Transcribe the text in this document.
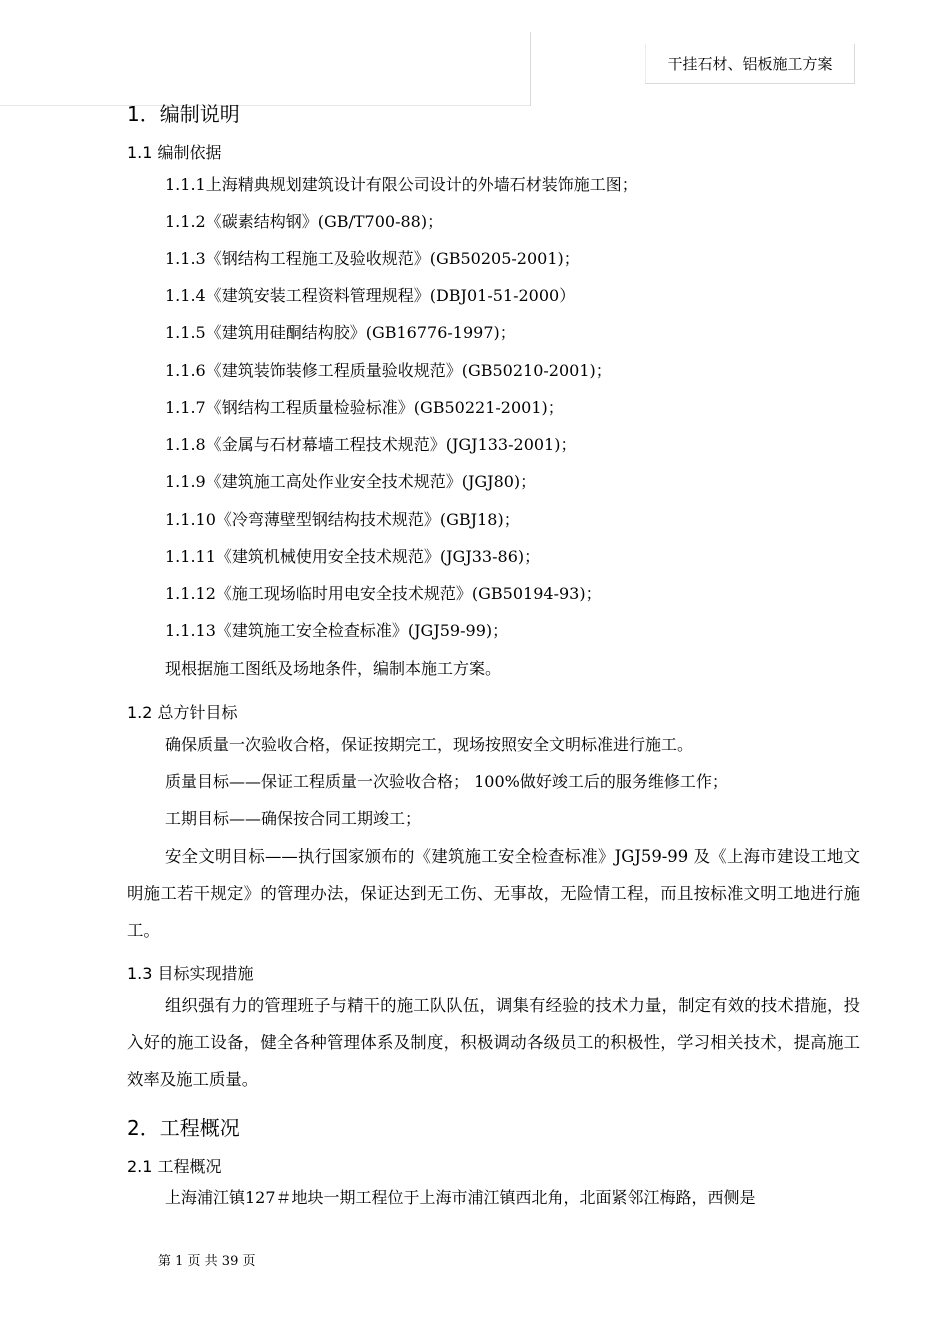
干挂石材、铝板施工方案
1．编制说明
1.1 编制依据
1.1.1上海精典规划建筑设计有限公司设计的外墙石材装饰施工图；
1.1.2《碳素结构钢》(GB/T700-88)；
1.1.3《钢结构工程施工及验收规范》(GB50205-2001)；
1.1.4《建筑安装工程资料管理规程》(DBJ01-51-2000）
1.1.5《建筑用硅酮结构胶》(GB16776-1997)；
1.1.6《建筑装饰装修工程质量验收规范》(GB50210-2001)；
1.1.7《钢结构工程质量检验标准》(GB50221-2001)；
1.1.8《金属与石材幕墙工程技术规范》(JGJ133-2001)；
1.1.9《建筑施工高处作业安全技术规范》(JGJ80)；
1.1.10《冷弯薄壁型钢结构技术规范》(GBJ18)；
1.1.11《建筑机械使用安全技术规范》(JGJ33-86)；
1.1.12《施工现场临时用电安全技术规范》(GB50194-93)；
1.1.13《建筑施工安全检查标准》(JGJ59-99)；
现根据施工图纸及场地条件，编制本施工方案。
1.2 总方针目标
确保质量一次验收合格，保证按期完工，现场按照安全文明标准进行施工。
质量目标——保证工程质量一次验收合格； 100%做好竣工后的服务维修工作；
工期目标——确保按合同工期竣工；

安全文明目标——执行国家颁布的《建筑施工安全检查标准》JGJ59-99 及《上海市建设工地文明施工若干规定》的管理办法，保证达到无工伤、无事故，无险情工程，而且按标准文明工地进行施工。

1.3 目标实现措施

组织强有力的管理班子与精干的施工队队伍，调集有经验的技术力量，制定有效的技术措施，投入好的施工设备，健全各种管理体系及制度，积极调动各级员工的积极性，学习相关技术，提高施工效率及施工质量。

2．工程概况
2.1 工程概况
上海浦江镇127＃地块一期工程位于上海市浦江镇西北角，北面紧邻江梅路，西侧是
第 1 页 共 39 页
